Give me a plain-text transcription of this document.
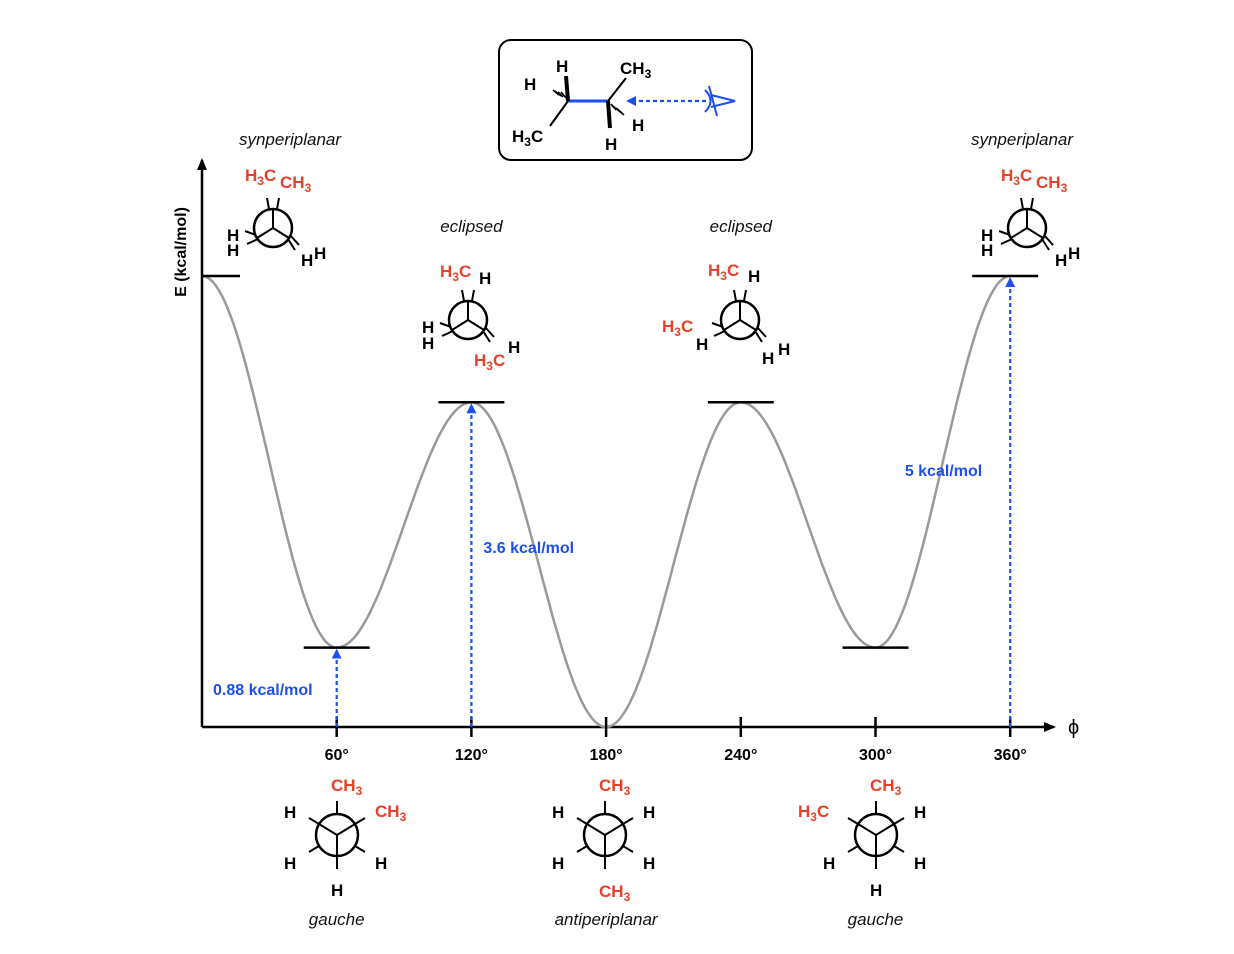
E (kcal/mol)
ϕ
60°	120°	180°	240°	300°	360°
0.88 kcal/mol
3.6 kcal/mol
5 kcal/mol
synperiplanar
eclipsed	eclipsed
synperiplanar
gauche	antiperiplanar	gauche
H
H
$H_3C$
$CH_3$
H
H
$H_3C$ $CH_3$
H
H
H H
$H_3C$ H
H
H
$H_3C$
H
$H_3C$ H
$H_3C$
H
H H
$H_3C$ $CH_3$
H
H
H H
$CH_3$
$CH_3$
H
H	H
H
$CH_3$
H	H
H	H
$CH_3$
$CH_3$
$H_3C$	H
H	H
H
